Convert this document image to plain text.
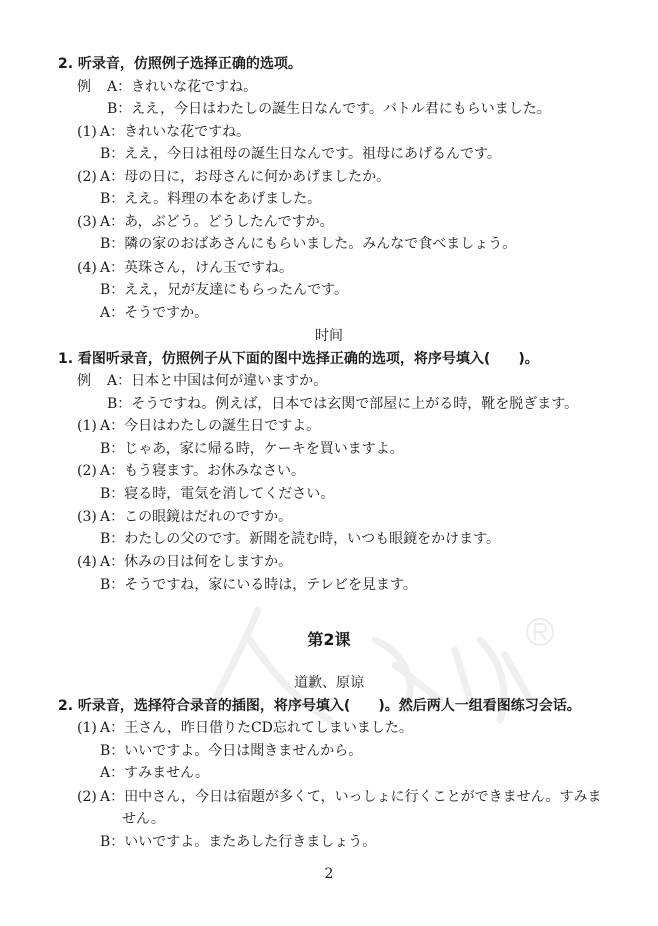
2. 听录音，仿照例子选择正确的选项。
例 A：きれいな花ですね。
B：ええ，今日はわたしの誕生日なんです。バトル君にもらいました。
(1) A：きれいな花ですね。
B：ええ，今日は祖母の誕生日なんです。祖母にあげるんです。
(2) A：母の日に，お母さんに何かあげましたか。
B：ええ。料理の本をあげました。
(3) A：あ，ぶどう。どうしたんですか。
B：隣の家のおばあさんにもらいました。みんなで食べましょう。
(4) A：英珠さん，けん玉ですね。
B：ええ，兄が友達にもらったんです。
A：そうですか。
时间
1. 看图听录音，仿照例子从下面的图中选择正确的选项，将序号填入(　　)。
例 A：日本と中国は何が違いますか。
B：そうですね。例えば，日本では玄関で部屋に上がる時，靴を脱ぎます。
(1) A：今日はわたしの誕生日ですよ。
B：じゃあ，家に帰る時，ケーキを買いますよ。
(2) A：もう寝ます。お休みなさい。
B：寝る時，電気を消してください。
(3) A：この眼鏡はだれのですか。
B：わたしの父のです。新聞を読む時，いつも眼鏡をかけます。
(4) A：休みの日は何をしますか。
B：そうですね，家にいる時は，テレビを見ます。
第2课
道歉、原谅
2. 听录音，选择符合录音的插图，将序号填入(　　)。然后两人一组看图练习会话。
(1) A：王さん，昨日借りたCD忘れてしまいました。
B：いいですよ。今日は聞きませんから。
A：すみません。
(2) A：田中さん，今日は宿題が多くて，いっしょに行くことができません。すみま
せん。
B：いいですよ。またあした行きましょう。
2
